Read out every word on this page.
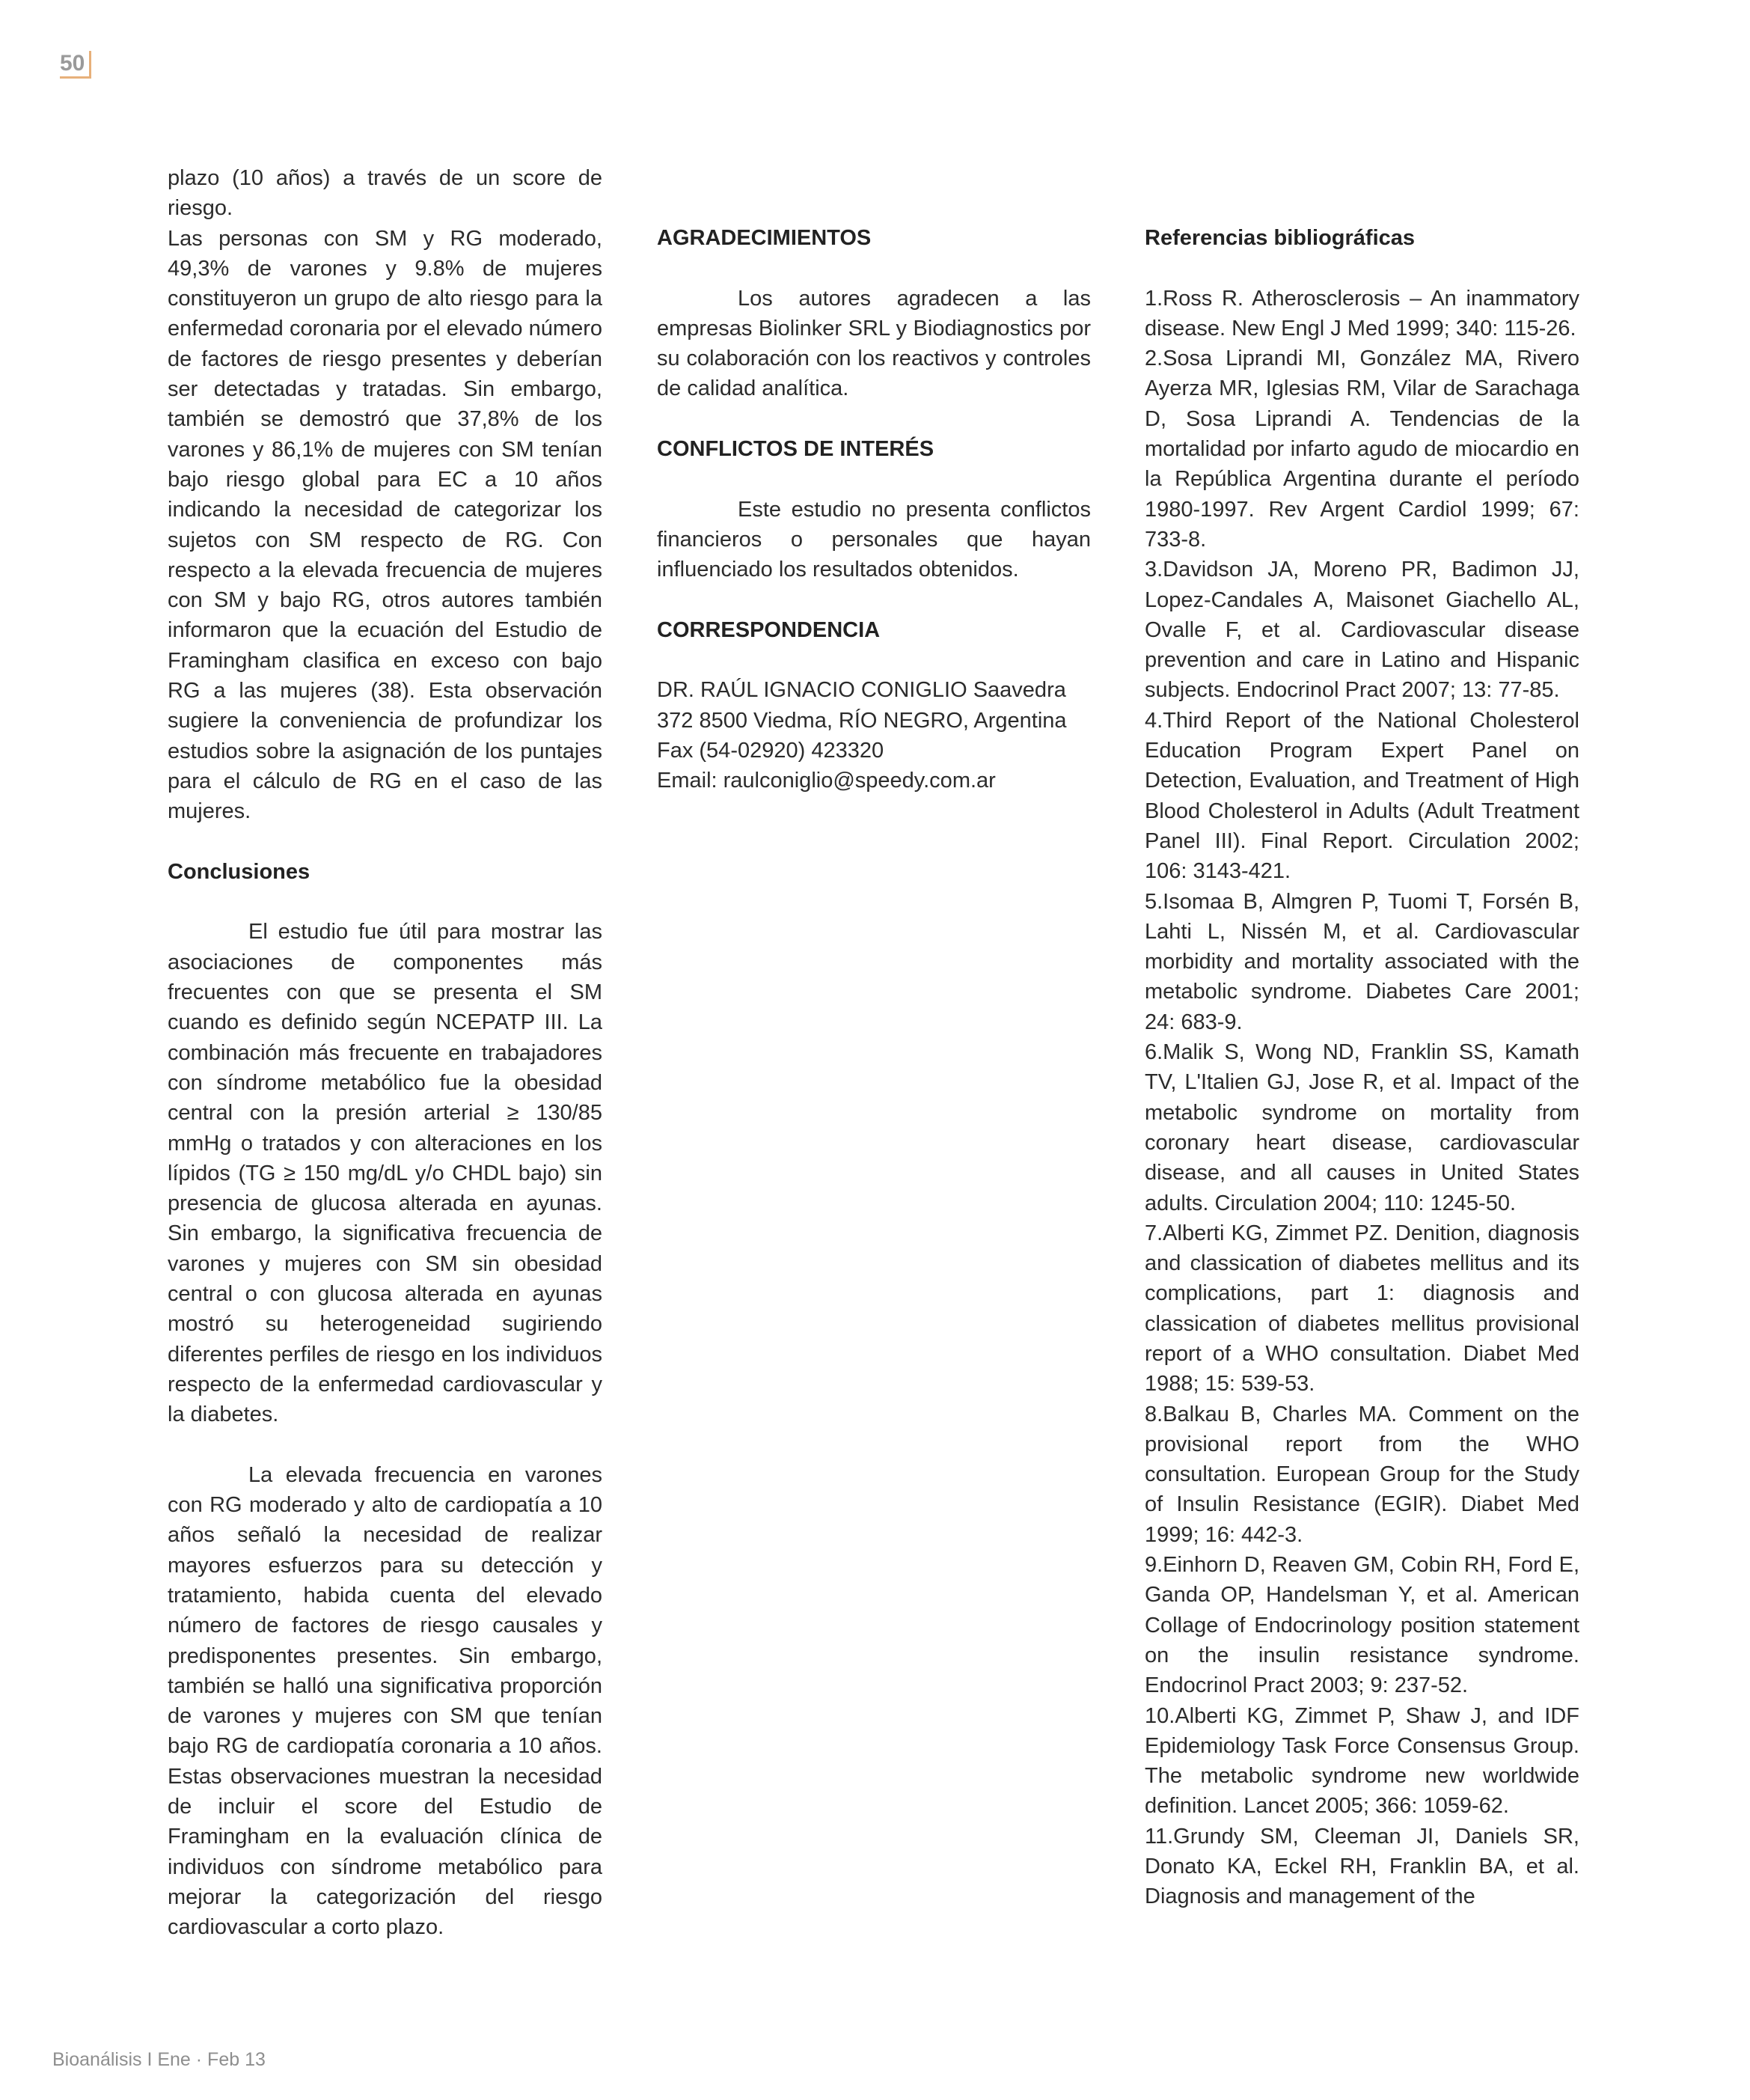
50

plazo (10 años) a través de un score de riesgo.

Las personas con SM y RG moderado, 49,3% de varones y 9.8% de mujeres constituyeron un grupo de alto riesgo para la enfermedad coronaria por el elevado número de factores de riesgo presentes y deberían ser detectadas y tratadas. Sin embargo, también se demostró que 37,8% de los varones y 86,1% de mujeres con SM tenían bajo riesgo global para EC a 10 años indicando la necesidad de categorizar los sujetos con SM respecto de RG. Con respecto a la elevada frecuencia de mujeres con SM y bajo RG, otros autores también informaron que la ecuación del Estudio de Framingham clasifica en exceso con bajo RG a las mujeres (38). Esta observación sugiere la conveniencia de profundizar los estudios sobre la asignación de los puntajes para el cálculo de RG en el caso de las mujeres.

Conclusiones

El estudio fue útil para mostrar las asociaciones de componentes más frecuentes con que se presenta el SM cuando es definido según NCEPATP III. La combinación más frecuente en trabajadores con síndrome metabólico fue la obesidad central con la presión arterial ≥ 130/85 mmHg o tratados y con alteraciones en los lípidos (TG ≥ 150 mg/dL y/o CHDL bajo) sin presencia de glucosa alterada en ayunas. Sin embargo, la significativa frecuencia de varones y mujeres con SM sin obesidad central o con glucosa alterada en ayunas mostró su heterogeneidad sugiriendo diferentes perfiles de riesgo en los individuos respecto de la enfermedad cardiovascular y la diabetes.

La elevada frecuencia en varones con RG moderado y alto de cardiopatía a 10 años señaló la necesidad de realizar mayores esfuerzos para su detección y tratamiento, habida cuenta del elevado número de factores de riesgo causales y predisponentes presentes. Sin embargo, también se halló una significativa proporción de varones y mujeres con SM que tenían bajo RG de cardiopatía coronaria a 10 años. Estas observaciones muestran la necesidad de incluir el score del Estudio de Framingham en la evaluación clínica de individuos con síndrome metabólico para mejorar la categorización del riesgo cardiovascular a corto plazo.

AGRADECIMIENTOS

Los autores agradecen a las empresas Biolinker SRL y Biodiagnostics por su colaboración con los reactivos y controles de calidad analítica.

CONFLICTOS DE INTERÉS

Este estudio no presenta conflictos financieros o personales que hayan influenciado los resultados obtenidos.

CORRESPONDENCIA

DR. RAÚL IGNACIO CONIGLIO Saavedra 372 8500 Viedma, RÍO NEGRO, Argentina Fax (54-02920) 423320

Email: raulconiglio@speedy.com.ar

Referencias bibliográficas

1.Ross R. Atherosclerosis – An inammatory disease. New Engl J Med 1999; 340: 115-26.

2.Sosa Liprandi MI, González MA, Rivero Ayerza MR, Iglesias RM, Vilar de Sarachaga D, Sosa Liprandi A. Tendencias de la mortalidad por infarto agudo de miocardio en la República Argentina durante el período 1980-1997. Rev Argent Cardiol 1999; 67: 733-8.

3.Davidson JA, Moreno PR, Badimon JJ, Lopez-Candales A, Maisonet Giachello AL, Ovalle F, et al. Cardiovascular disease prevention and care in Latino and Hispanic subjects. Endocrinol Pract 2007; 13: 77-85.

4.Third Report of the National Cholesterol Education Program Expert Panel on Detection, Evaluation, and Treatment of High Blood Cholesterol in Adults (Adult Treatment Panel III). Final Report. Circulation 2002; 106: 3143-421.

5.Isomaa B, Almgren P, Tuomi T, Forsén B, Lahti L, Nissén M, et al. Cardiovascular morbidity and mortality associated with the metabolic syndrome. Diabetes Care 2001; 24: 683-9.

6.Malik S, Wong ND, Franklin SS, Kamath TV, L'Italien GJ, Jose R, et al. Impact of the metabolic syndrome on mortality from coronary heart disease, cardiovascular disease, and all causes in United States adults. Circulation 2004; 110: 1245-50.

7.Alberti KG, Zimmet PZ. Denition, diagnosis and classication of diabetes mellitus and its complications, part 1: diagnosis and classication of diabetes mellitus provisional report of a WHO consultation. Diabet Med 1988; 15: 539-53.

8.Balkau B, Charles MA. Comment on the provisional report from the WHO consultation. European Group for the Study of Insulin Resistance (EGIR). Diabet Med 1999; 16: 442-3.

9.Einhorn D, Reaven GM, Cobin RH, Ford E, Ganda OP, Handelsman Y, et al. American Collage of Endocrinology position statement on the insulin resistance syndrome. Endocrinol Pract 2003; 9: 237-52.

10.Alberti KG, Zimmet P, Shaw J, and IDF Epidemiology Task Force Consensus Group. The metabolic syndrome new worldwide definition. Lancet 2005; 366: 1059-62.

11.Grundy SM, Cleeman JI, Daniels SR, Donato KA, Eckel RH, Franklin BA, et al. Diagnosis and management of the

Bioanálisis I Ene · Feb 13
